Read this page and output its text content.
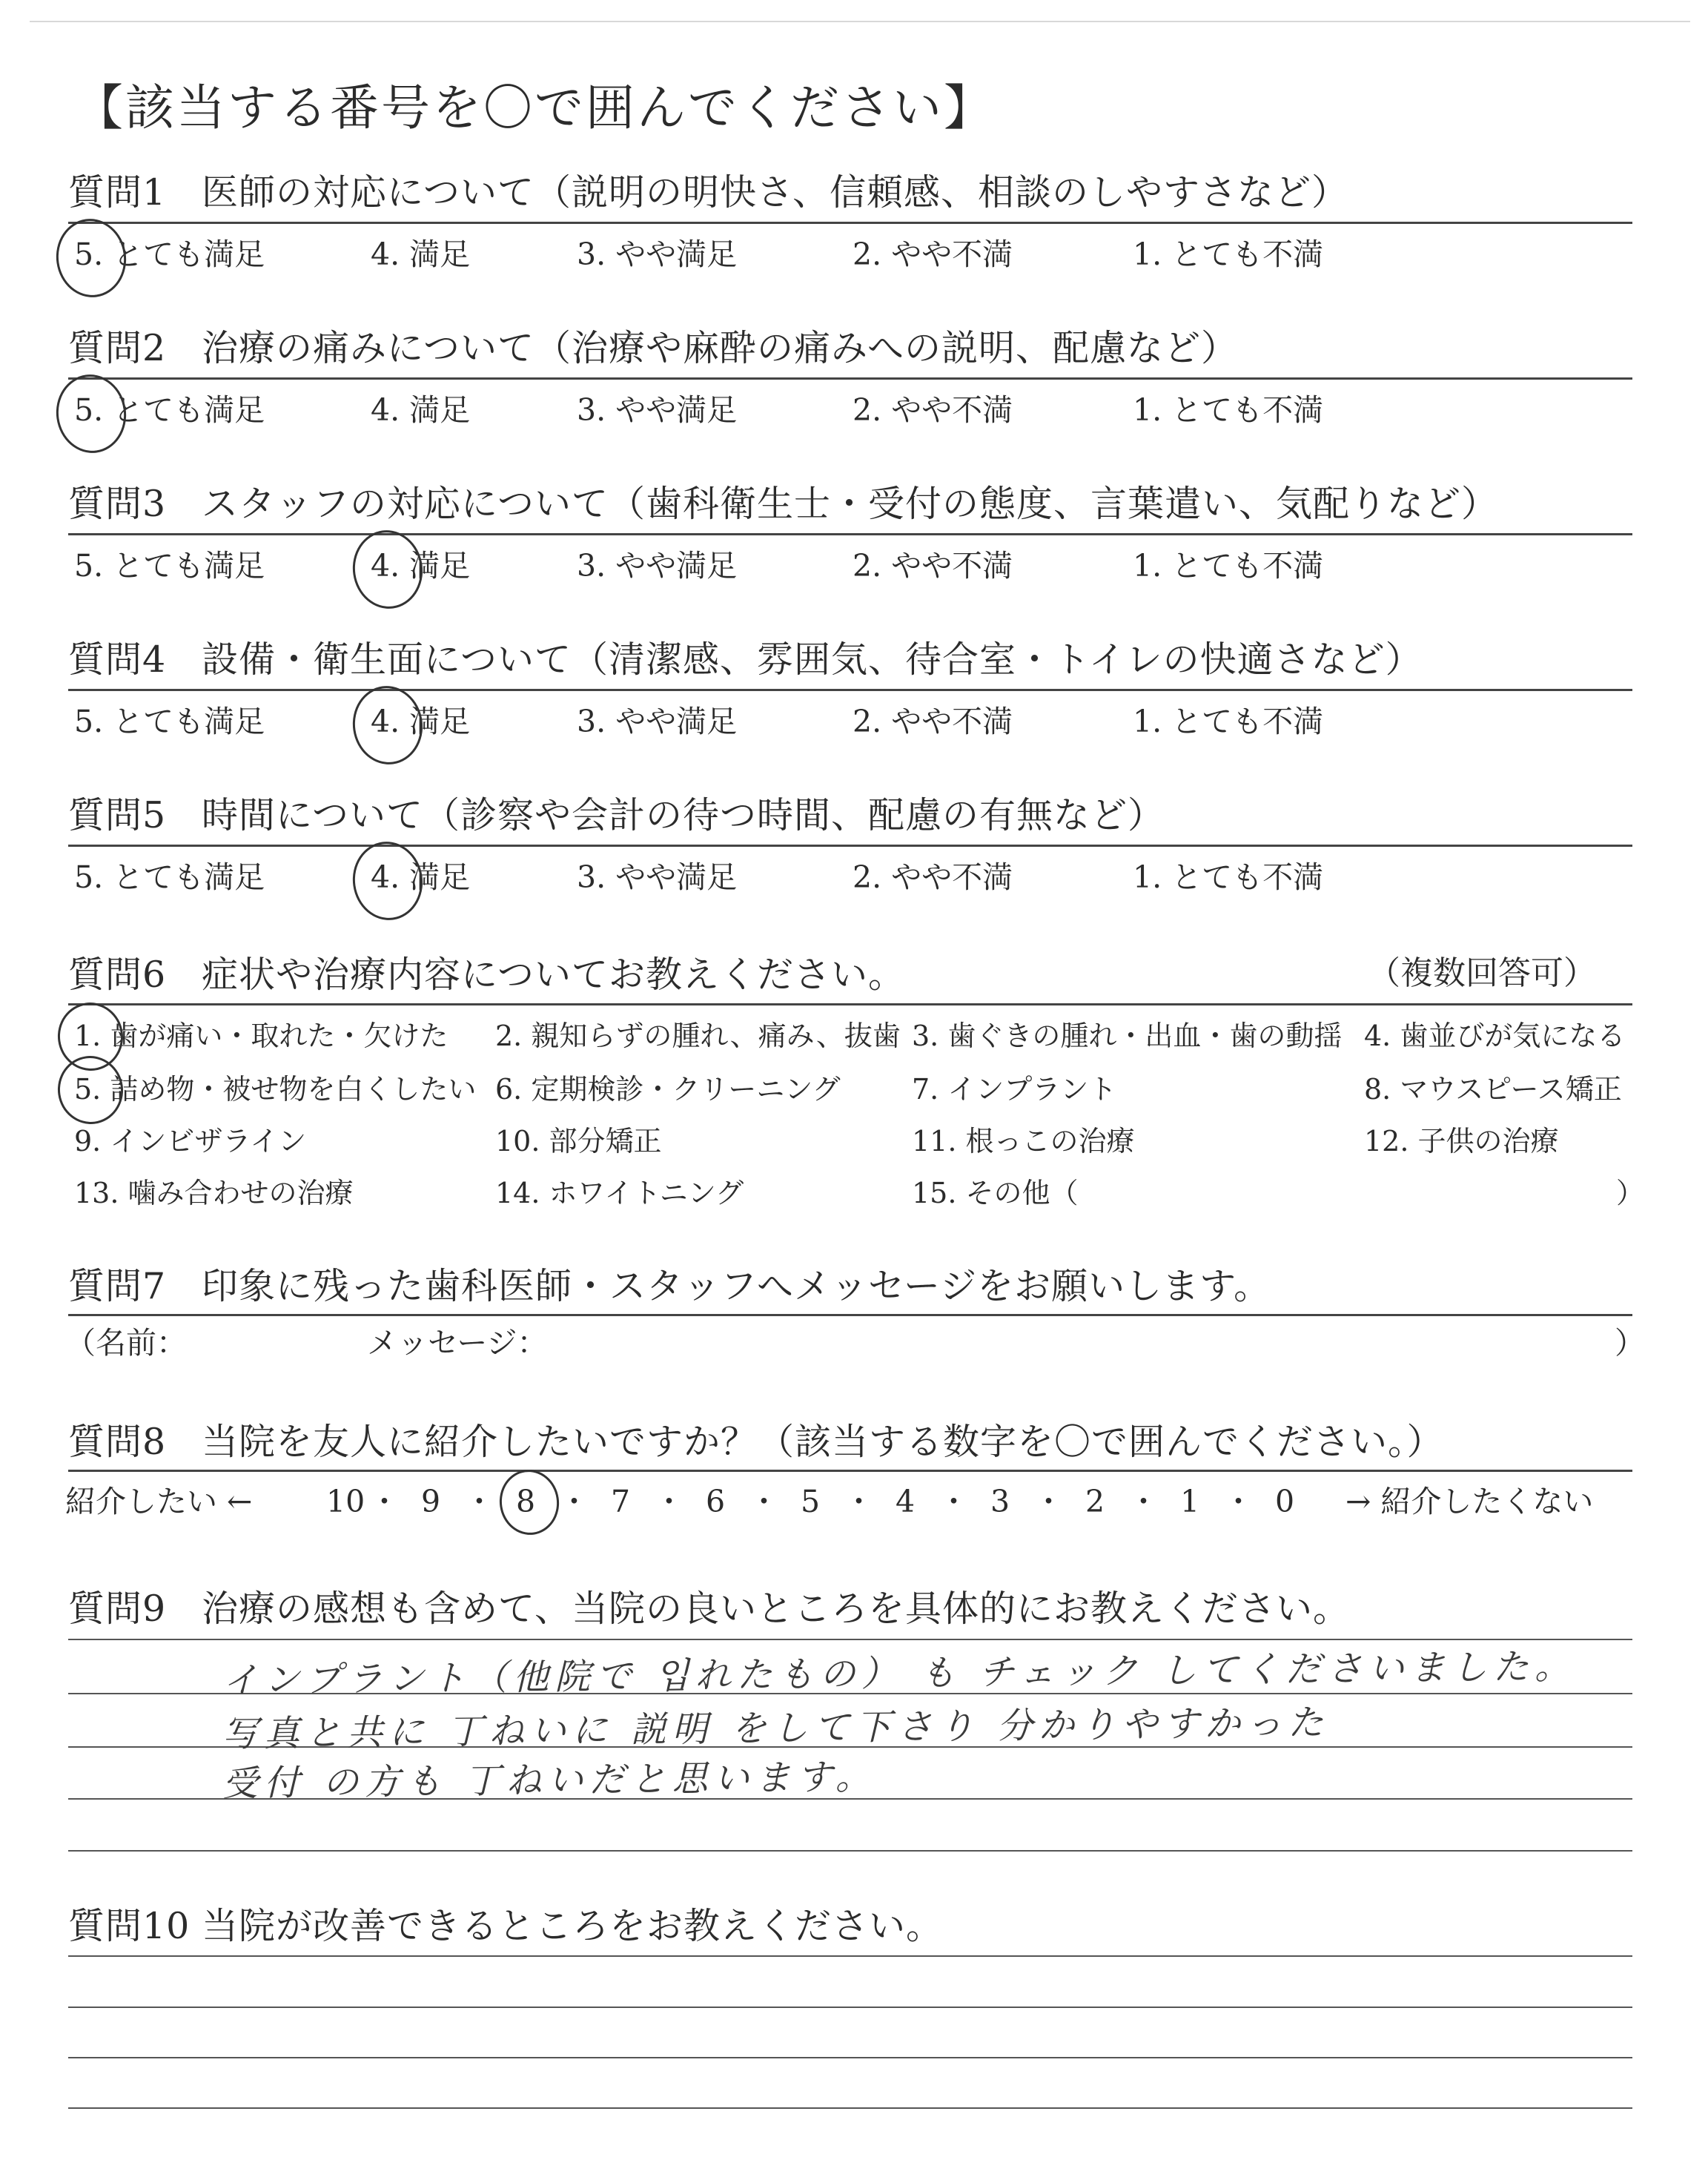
【該当する番号を〇で囲んでください】
質問1 医師の対応について（説明の明快さ、信頼感、相談のしやすさなど）
5. とても満足	4. 満足	3. やや満足	2. やや不満	1. とても不満
質問2 治療の痛みについて（治療や麻酔の痛みへの説明、配慮など）
5. とても満足	4. 満足	3. やや満足	2. やや不満	1. とても不満
質問3 スタッフの対応について（歯科衛生士・受付の態度、言葉遣い、気配りなど）
5. とても満足	4. 満足	3. やや満足	2. やや不満	1. とても不満
質問4 設備・衛生面について（清潔感、雰囲気、待合室・トイレの快適さなど）
5. とても満足	4. 満足	3. やや満足	2. やや不満	1. とても不満
質問5 時間について（診察や会計の待つ時間、配慮の有無など）
5. とても満足	4. 満足	3. やや満足	2. やや不満	1. とても不満
質問6 症状や治療内容についてお教えください。	（複数回答可）
1. 歯が痛い・取れた・欠けた 2. 親知らずの腫れ、痛み、抜歯 3. 歯ぐきの腫れ・出血・歯の動揺 4. 歯並びが気になる
5. 詰め物・被せ物を白くしたい 6. 定期検診・クリーニング	7. インプラント	8. マウスピース矯正
9. インビザライン	10. 部分矯正	11. 根っこの治療	12. 子供の治療
13. 噛み合わせの治療	14. ホワイトニング	15. その他（	）
質問7 印象に残った歯科医師・スタッフへメッセージをお願いします。
（名前：	メッセージ：	）
質問8 当院を友人に紹介したいですか？（該当する数字を〇で囲んでください。）
紹介したい ←	→ 紹介したくない
10 ・ 9 ・ 8 ・ 7 ・ 6 ・ 5 ・ 4 ・ 3 ・ 2 ・ 1 ・ 0
質問9 治療の感想も含めて、当院の良いところを具体的にお教えください。
インプラント（他院で 입れたもの） も チェック してくださいました。
写真と共に 丁ねいに 説明 をして下さり 分かりやすかった
受付 の方も 丁ねいだと思います。
質問10 当院が改善できるところをお教えください。
